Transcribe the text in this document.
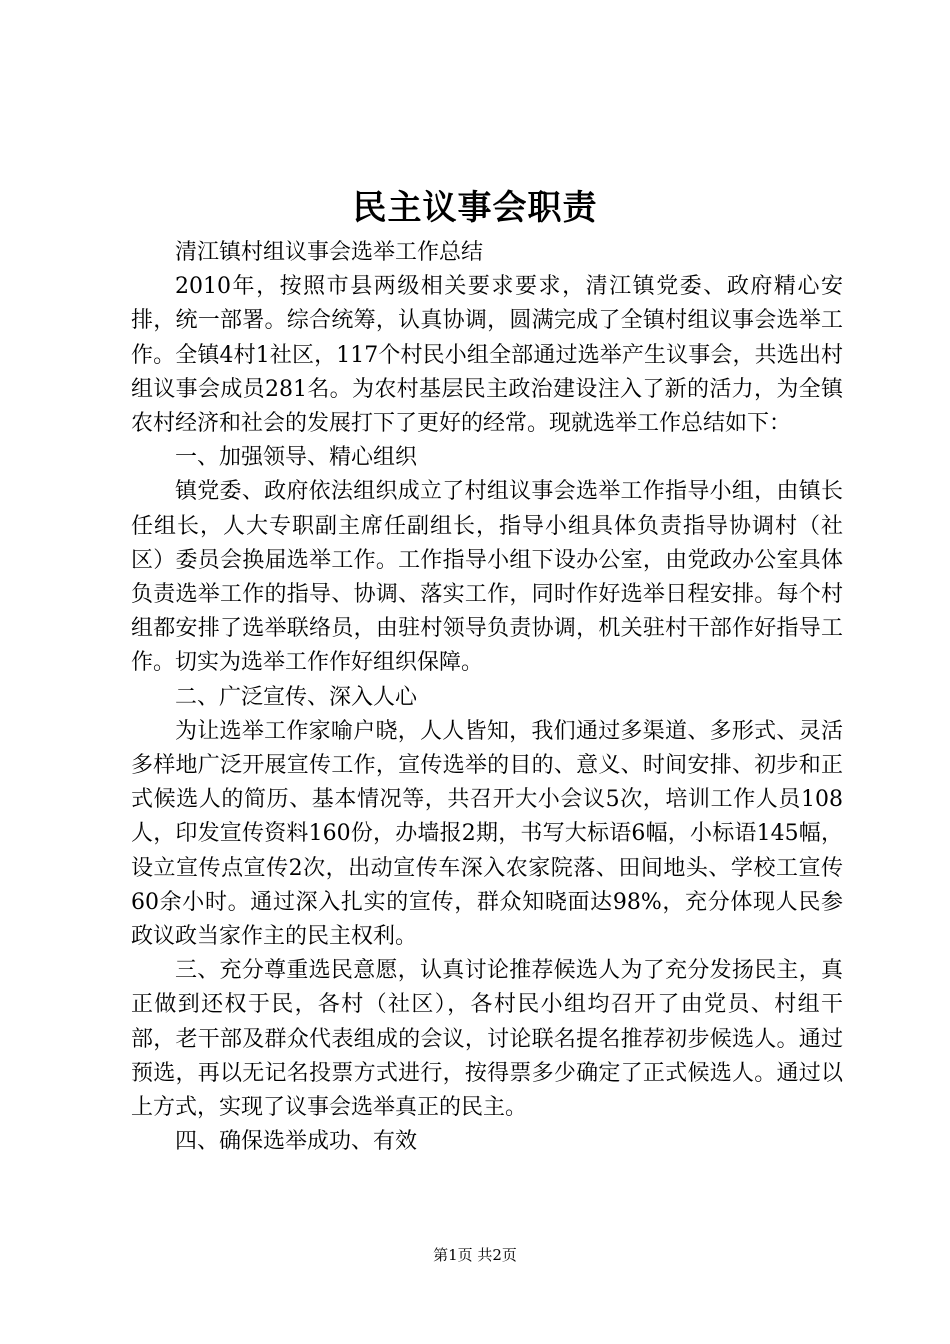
民主议事会职责

清江镇村组议事会选举工作总结

2010年，按照市县两级相关要求要求，清江镇党委、政府精心安排，统一部署。综合统筹，认真协调，圆满完成了全镇村组议事会选举工作。全镇4村1社区，117个村民小组全部通过选举产生议事会，共选出村组议事会成员281名。为农村基层民主政治建设注入了新的活力，为全镇农村经济和社会的发展打下了更好的经常。现就选举工作总结如下：

一、加强领导、精心组织

镇党委、政府依法组织成立了村组议事会选举工作指导小组，由镇长任组长，人大专职副主席任副组长，指导小组具体负责指导协调村（社区）委员会换届选举工作。工作指导小组下设办公室，由党政办公室具体负责选举工作的指导、协调、落实工作，同时作好选举日程安排。每个村组都安排了选举联络员，由驻村领导负责协调，机关驻村干部作好指导工作。切实为选举工作作好组织保障。

二、广泛宣传、深入人心

为让选举工作家喻户晓，人人皆知，我们通过多渠道、多形式、灵活多样地广泛开展宣传工作，宣传选举的目的、意义、时间安排、初步和正式候选人的简历、基本情况等，共召开大小会议5次，培训工作人员108人，印发宣传资料160份，办墙报2期，书写大标语6幅，小标语145幅，设立宣传点宣传2次，出动宣传车深入农家院落、田间地头、学校工宣传60余小时。通过深入扎实的宣传，群众知晓面达98%，充分体现人民参政议政当家作主的民主权利。

三、充分尊重选民意愿，认真讨论推荐候选人为了充分发扬民主，真正做到还权于民，各村（社区），各村民小组均召开了由党员、村组干部，老干部及群众代表组成的会议，讨论联名提名推荐初步候选人。通过预选，再以无记名投票方式进行，按得票多少确定了正式候选人。通过以上方式，实现了议事会选举真正的民主。

四、确保选举成功、有效

第1页 共2页
